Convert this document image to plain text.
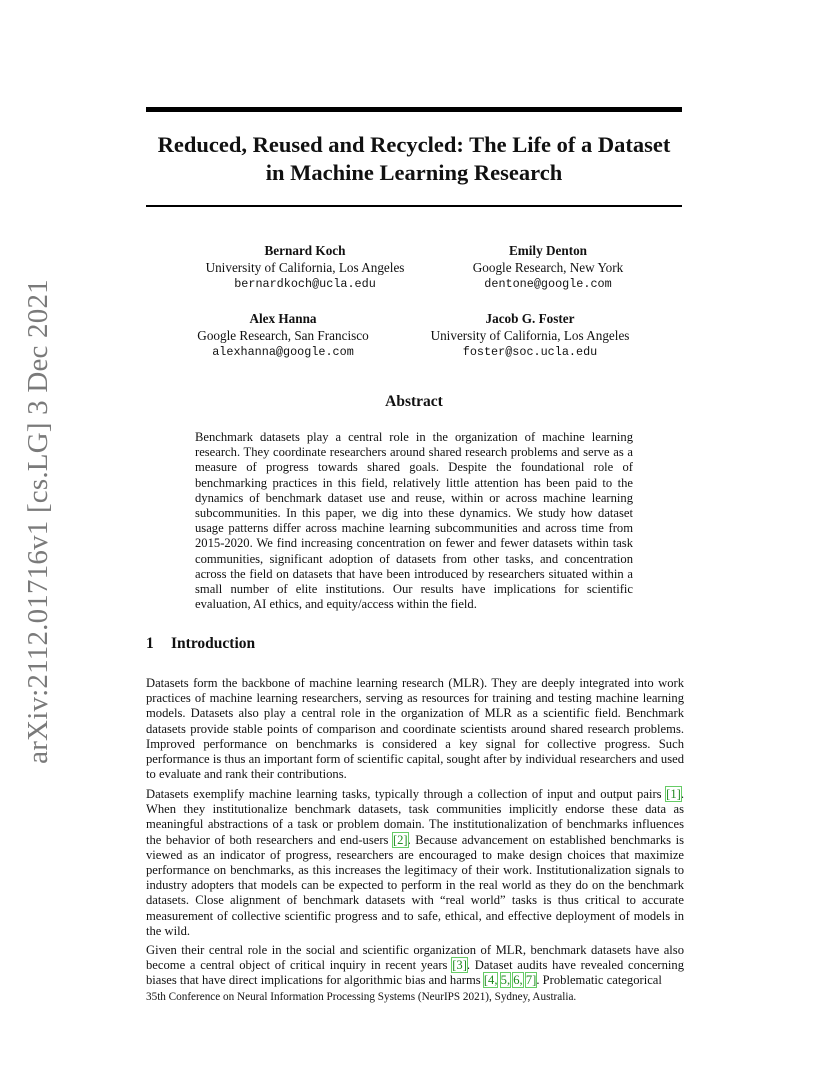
arXiv:2112.01716v1 [cs.LG] 3 Dec 2021
Reduced, Reused and Recycled: The Life of a Dataset
in Machine Learning Research
Bernard Koch
University of California, Los Angeles
bernardkoch@ucla.edu
Emily Denton
Google Research, New York
dentone@google.com
Alex Hanna
Google Research, San Francisco
alexhanna@google.com
Jacob G. Foster
University of California, Los Angeles
foster@soc.ucla.edu
Abstract
Benchmark datasets play a central role in the organization of machine learning research. They coordinate researchers around shared research problems and serve as a measure of progress towards shared goals. Despite the foundational role of benchmarking practices in this field, relatively little attention has been paid to the dynamics of benchmark dataset use and reuse, within or across machine learning subcommunities. In this paper, we dig into these dynamics. We study how dataset usage patterns differ across machine learning subcommunities and across time from 2015-2020. We find increasing concentration on fewer and fewer datasets within task communities, significant adoption of datasets from other tasks, and concentration across the field on datasets that have been introduced by researchers situated within a small number of elite institutions. Our results have implications for scientific evaluation, AI ethics, and equity/access within the field.
1 Introduction
Datasets form the backbone of machine learning research (MLR). They are deeply integrated into work practices of machine learning researchers, serving as resources for training and testing machine learning models. Datasets also play a central role in the organization of MLR as a scientific field. Benchmark datasets provide stable points of comparison and coordinate scientists around shared research problems. Improved performance on benchmarks is considered a key signal for collective progress. Such performance is thus an important form of scientific capital, sought after by individual researchers and used to evaluate and rank their contributions.
Datasets exemplify machine learning tasks, typically through a collection of input and output pairs [1]. When they institutionalize benchmark datasets, task communities implicitly endorse these data as meaningful abstractions of a task or problem domain. The institutionalization of benchmarks influences the behavior of both researchers and end-users [2]. Because advancement on established benchmarks is viewed as an indicator of progress, researchers are encouraged to make design choices that maximize performance on benchmarks, as this increases the legitimacy of their work. Institutionalization signals to industry adopters that models can be expected to perform in the real world as they do on the benchmark datasets. Close alignment of benchmark datasets with “real world” tasks is thus critical to accurate measurement of collective scientific progress and to safe, ethical, and effective deployment of models in the wild.
Given their central role in the social and scientific organization of MLR, benchmark datasets have also become a central object of critical inquiry in recent years [3]. Dataset audits have revealed concerning biases that have direct implications for algorithmic bias and harms [4, 5, 6, 7]. Problematic categorical
35th Conference on Neural Information Processing Systems (NeurIPS 2021), Sydney, Australia.
